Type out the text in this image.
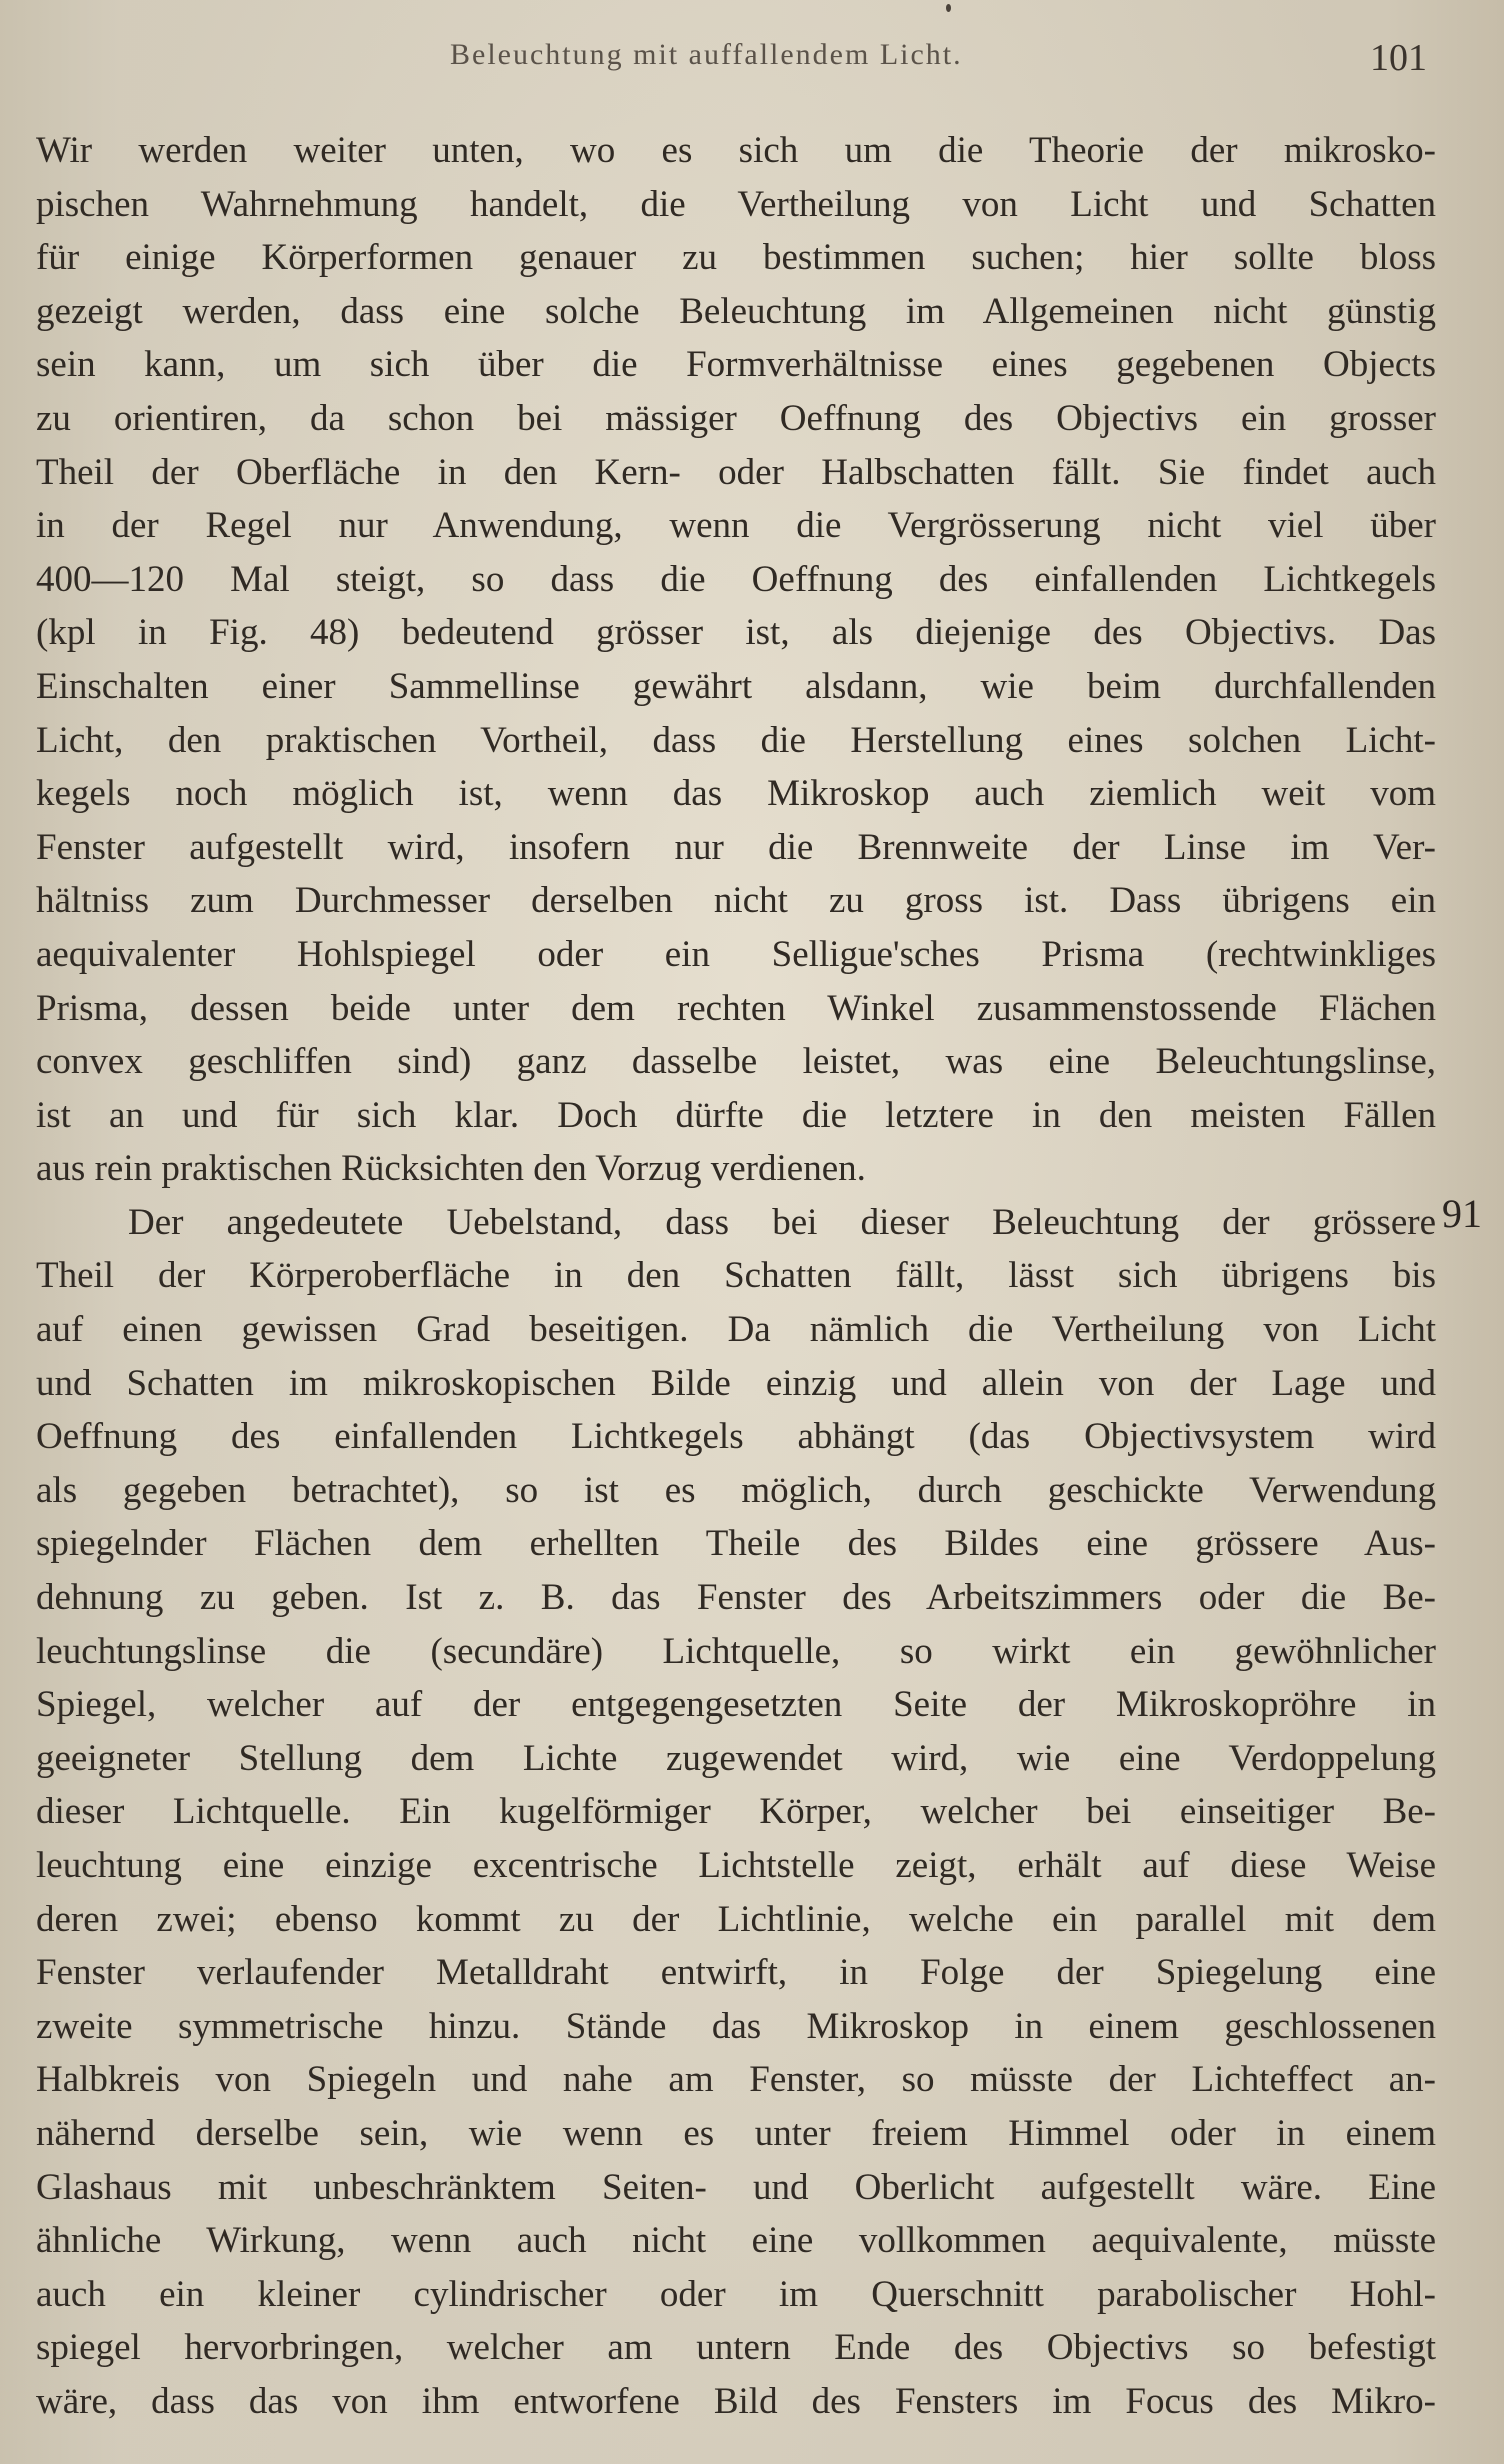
Beleuchtung mit auffallendem Licht.	101
Wir werden weiter unten, wo es sich um die Theorie der mikrosko-
pischen Wahrnehmung handelt, die Vertheilung von Licht und Schatten
für einige Körperformen genauer zu bestimmen suchen; hier sollte bloss
gezeigt werden, dass eine solche Beleuchtung im Allgemeinen nicht günstig
sein kann, um sich über die Formverhältnisse eines gegebenen Objects
zu orientiren, da schon bei mässiger Oeffnung des Objectivs ein grosser
Theil der Oberfläche in den Kern- oder Halbschatten fällt. Sie findet auch
in der Regel nur Anwendung, wenn die Vergrösserung nicht viel über
400—120 Mal steigt, so dass die Oeffnung des einfallenden Lichtkegels
(kpl in Fig. 48) bedeutend grösser ist, als diejenige des Objectivs. Das
Einschalten einer Sammellinse gewährt alsdann, wie beim durchfallenden
Licht, den praktischen Vortheil, dass die Herstellung eines solchen Licht-
kegels noch möglich ist, wenn das Mikroskop auch ziemlich weit vom
Fenster aufgestellt wird, insofern nur die Brennweite der Linse im Ver-
hältniss zum Durchmesser derselben nicht zu gross ist. Dass übrigens ein
aequivalenter Hohlspiegel oder ein Selligue'sches Prisma (rechtwinkliges
Prisma, dessen beide unter dem rechten Winkel zusammenstossende Flächen
convex geschliffen sind) ganz dasselbe leistet, was eine Beleuchtungslinse,
ist an und für sich klar. Doch dürfte die letztere in den meisten Fällen
aus rein praktischen Rücksichten den Vorzug verdienen.
Der angedeutete Uebelstand, dass bei dieser Beleuchtung der grössere
Theil der Körperoberfläche in den Schatten fällt, lässt sich übrigens bis
auf einen gewissen Grad beseitigen. Da nämlich die Vertheilung von Licht
und Schatten im mikroskopischen Bilde einzig und allein von der Lage und
Oeffnung des einfallenden Lichtkegels abhängt (das Objectivsystem wird
als gegeben betrachtet), so ist es möglich, durch geschickte Verwendung
spiegelnder Flächen dem erhellten Theile des Bildes eine grössere Aus-
dehnung zu geben. Ist z. B. das Fenster des Arbeitszimmers oder die Be-
leuchtungslinse die (secundäre) Lichtquelle, so wirkt ein gewöhnlicher
Spiegel, welcher auf der entgegengesetzten Seite der Mikroskopröhre in
geeigneter Stellung dem Lichte zugewendet wird, wie eine Verdoppelung
dieser Lichtquelle. Ein kugelförmiger Körper, welcher bei einseitiger Be-
leuchtung eine einzige excentrische Lichtstelle zeigt, erhält auf diese Weise
deren zwei; ebenso kommt zu der Lichtlinie, welche ein parallel mit dem
Fenster verlaufender Metalldraht entwirft, in Folge der Spiegelung eine
zweite symmetrische hinzu. Stände das Mikroskop in einem geschlossenen
Halbkreis von Spiegeln und nahe am Fenster, so müsste der Lichteffect an-
nähernd derselbe sein, wie wenn es unter freiem Himmel oder in einem
Glashaus mit unbeschränktem Seiten- und Oberlicht aufgestellt wäre. Eine
ähnliche Wirkung, wenn auch nicht eine vollkommen aequivalente, müsste
auch ein kleiner cylindrischer oder im Querschnitt parabolischer Hohl-
spiegel hervorbringen, welcher am untern Ende des Objectivs so befestigt
wäre, dass das von ihm entworfene Bild des Fensters im Focus des Mikro-
91
